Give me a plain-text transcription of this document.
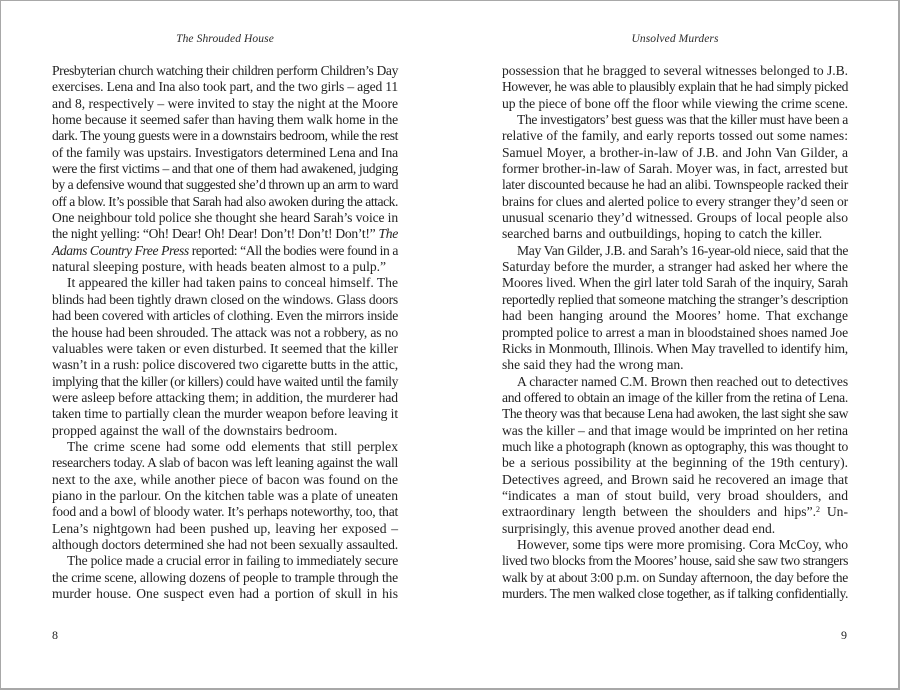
The Shrouded House
Presbyterian church watching their children perform Children’s Day
exercises. Lena and Ina also took part, and the two girls – aged 11
and 8, respectively – were invited to stay the night at the Moore
home because it seemed safer than having them walk home in the
dark. The young guests were in a downstairs bedroom, while the rest
of the family was upstairs. Investigators determined Lena and Ina
were the first victims – and that one of them had awakened, judging
by a defensive wound that suggested she’d thrown up an arm to ward
off a blow. It’s possible that Sarah had also awoken during the attack.
One neighbour told police she thought she heard Sarah’s voice in
the night yelling: “Oh! Dear! Oh! Dear! Don’t! Don’t! Don’t!” The
Adams Country Free Press reported: “All the bodies were found in a
natural sleeping posture, with heads beaten almost to a pulp.”
It appeared the killer had taken pains to conceal himself. The
blinds had been tightly drawn closed on the windows. Glass doors
had been covered with articles of clothing. Even the mirrors inside
the house had been shrouded. The attack was not a robbery, as no
valuables were taken or even disturbed. It seemed that the killer
wasn’t in a rush: police discovered two cigarette butts in the attic,
implying that the killer (or killers) could have waited until the family
were asleep before attacking them; in addition, the murderer had
taken time to partially clean the murder weapon before leaving it
propped against the wall of the downstairs bedroom.
The crime scene had some odd elements that still perplex
researchers today. A slab of bacon was left leaning against the wall
next to the axe, while another piece of bacon was found on the
piano in the parlour. On the kitchen table was a plate of uneaten
food and a bowl of bloody water. It’s perhaps noteworthy, too, that
Lena’s nightgown had been pushed up, leaving her exposed –
although doctors determined she had not been sexually assaulted.
The police made a crucial error in failing to immediately secure
the crime scene, allowing dozens of people to trample through the
murder house. One suspect even had a portion of skull in his
8
Unsolved Murders
possession that he bragged to several witnesses belonged to J.B.
However, he was able to plausibly explain that he had simply picked
up the piece of bone off the floor while viewing the crime scene.
The investigators’ best guess was that the killer must have been a
relative of the family, and early reports tossed out some names:
Samuel Moyer, a brother-in-law of J.B. and John Van Gilder, a
former brother-in-law of Sarah. Moyer was, in fact, arrested but
later discounted because he had an alibi. Townspeople racked their
brains for clues and alerted police to every stranger they’d seen or
unusual scenario they’d witnessed. Groups of local people also
searched barns and outbuildings, hoping to catch the killer.
May Van Gilder, J.B. and Sarah’s 16-year-old niece, said that the
Saturday before the murder, a stranger had asked her where the
Moores lived. When the girl later told Sarah of the inquiry, Sarah
reportedly replied that someone matching the stranger’s description
had been hanging around the Moores’ home. That exchange
prompted police to arrest a man in bloodstained shoes named Joe
Ricks in Monmouth, Illinois. When May travelled to identify him,
she said they had the wrong man.
A character named C.M. Brown then reached out to detectives
and offered to obtain an image of the killer from the retina of Lena.
The theory was that because Lena had awoken, the last sight she saw
was the killer – and that image would be imprinted on her retina
much like a photograph (known as optography, this was thought to
be a serious possibility at the beginning of the 19th century).
Detectives agreed, and Brown said he recovered an image that
“indicates a man of stout build, very broad shoulders, and
extraordinary length between the shoulders and hips”.$^2$ Un-
surprisingly, this avenue proved another dead end.
However, some tips were more promising. Cora McCoy, who
lived two blocks from the Moores’ house, said she saw two strangers
walk by at about 3:00 p.m. on Sunday afternoon, the day before the
murders. The men walked close together, as if talking confidentially.
9
